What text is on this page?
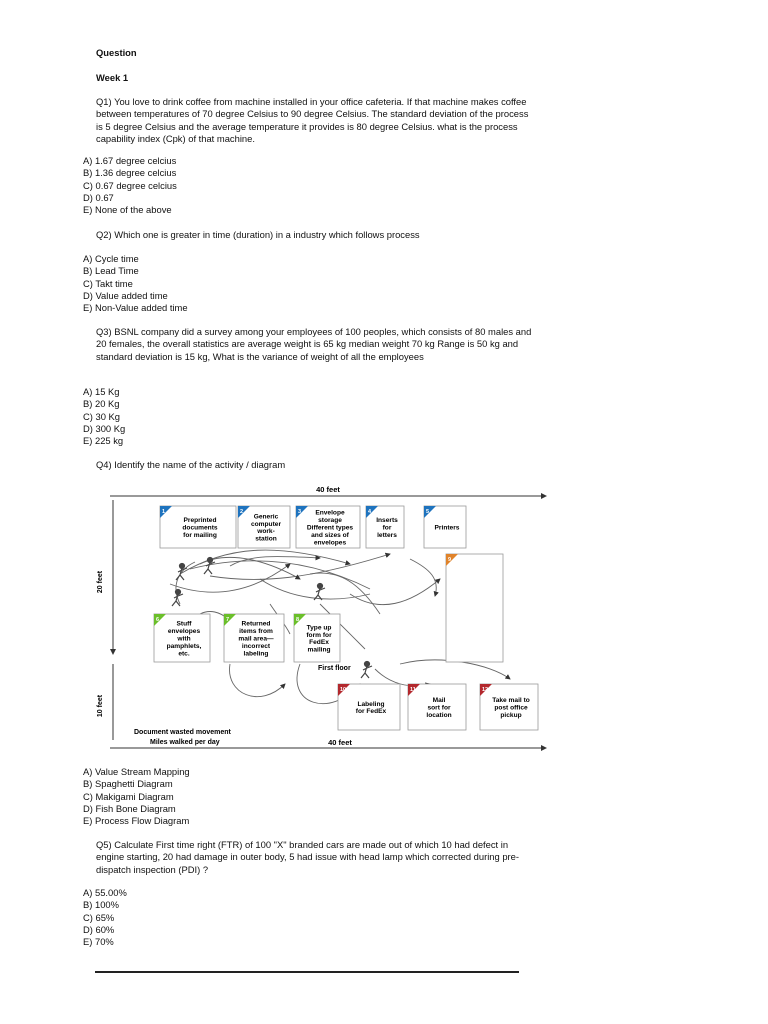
Question
Week 1
Q1) You love to drink coffee from machine installed in your office cafeteria. If that machine makes coffee between temperatures of 70 degree Celsius to 90 degree Celsius. The standard deviation of the process is 5 degree Celsius and the average temperature it provides is 80 degree Celsius. what is the process capability index (Cpk) of that machine.
A) 1.67 degree celcius
B) 1.36 degree celcius
C) 0.67 degree celcius
D) 0.67
E) None of the above
Q2) Which one is greater in time (duration) in a industry which follows process
A) Cycle time
B) Lead Time
C) Takt time
D) Value added time
E) Non-Value added time
Q3) BSNL company did a survey among your employees of 100 peoples, which consists of 80 males and 20 females, the overall statistics are average weight is 65 kg median weight 70 kg Range is 50 kg and standard deviation is 15 kg, What is the variance of weight of all the employees
A) 15 Kg
B) 20 Kg
C) 30 Kg
D) 300 Kg
E) 225 kg
Q4) Identify the name of the activity / diagram
40 feet
20 feet
10 feet
40 feet
Document wasted movement
Miles walked per day
First floor
1
Preprinted
documents
for mailing
2
Generic
computer
work-
station
3 Envelope
storage
Different types
and sizes of
envelopes
4
Inserts
for
letters
5
Printers
6
Stuff
envelopes
with
pamphlets,
etc.
7
Returned
items from
mail area—
incorrect
labeling
8
Type up
form for
FedEx
mailing
9
10
Labeling
for FedEx
11
Mail
sort for
location
12
Take mail to
post office
pickup
A) Value Stream Mapping
B) Spaghetti Diagram
C) Makigami Diagram
D) Fish Bone Diagram
E) Process Flow Diagram
Q5) Calculate First time right (FTR) of 100 "X" branded cars are made out of which 10 had defect in engine starting, 20 had damage in outer body, 5 had issue with head lamp which corrected during pre-dispatch inspection (PDI) ?
A) 55.00%
B) 100%
C) 65%
D) 60%
E) 70%
